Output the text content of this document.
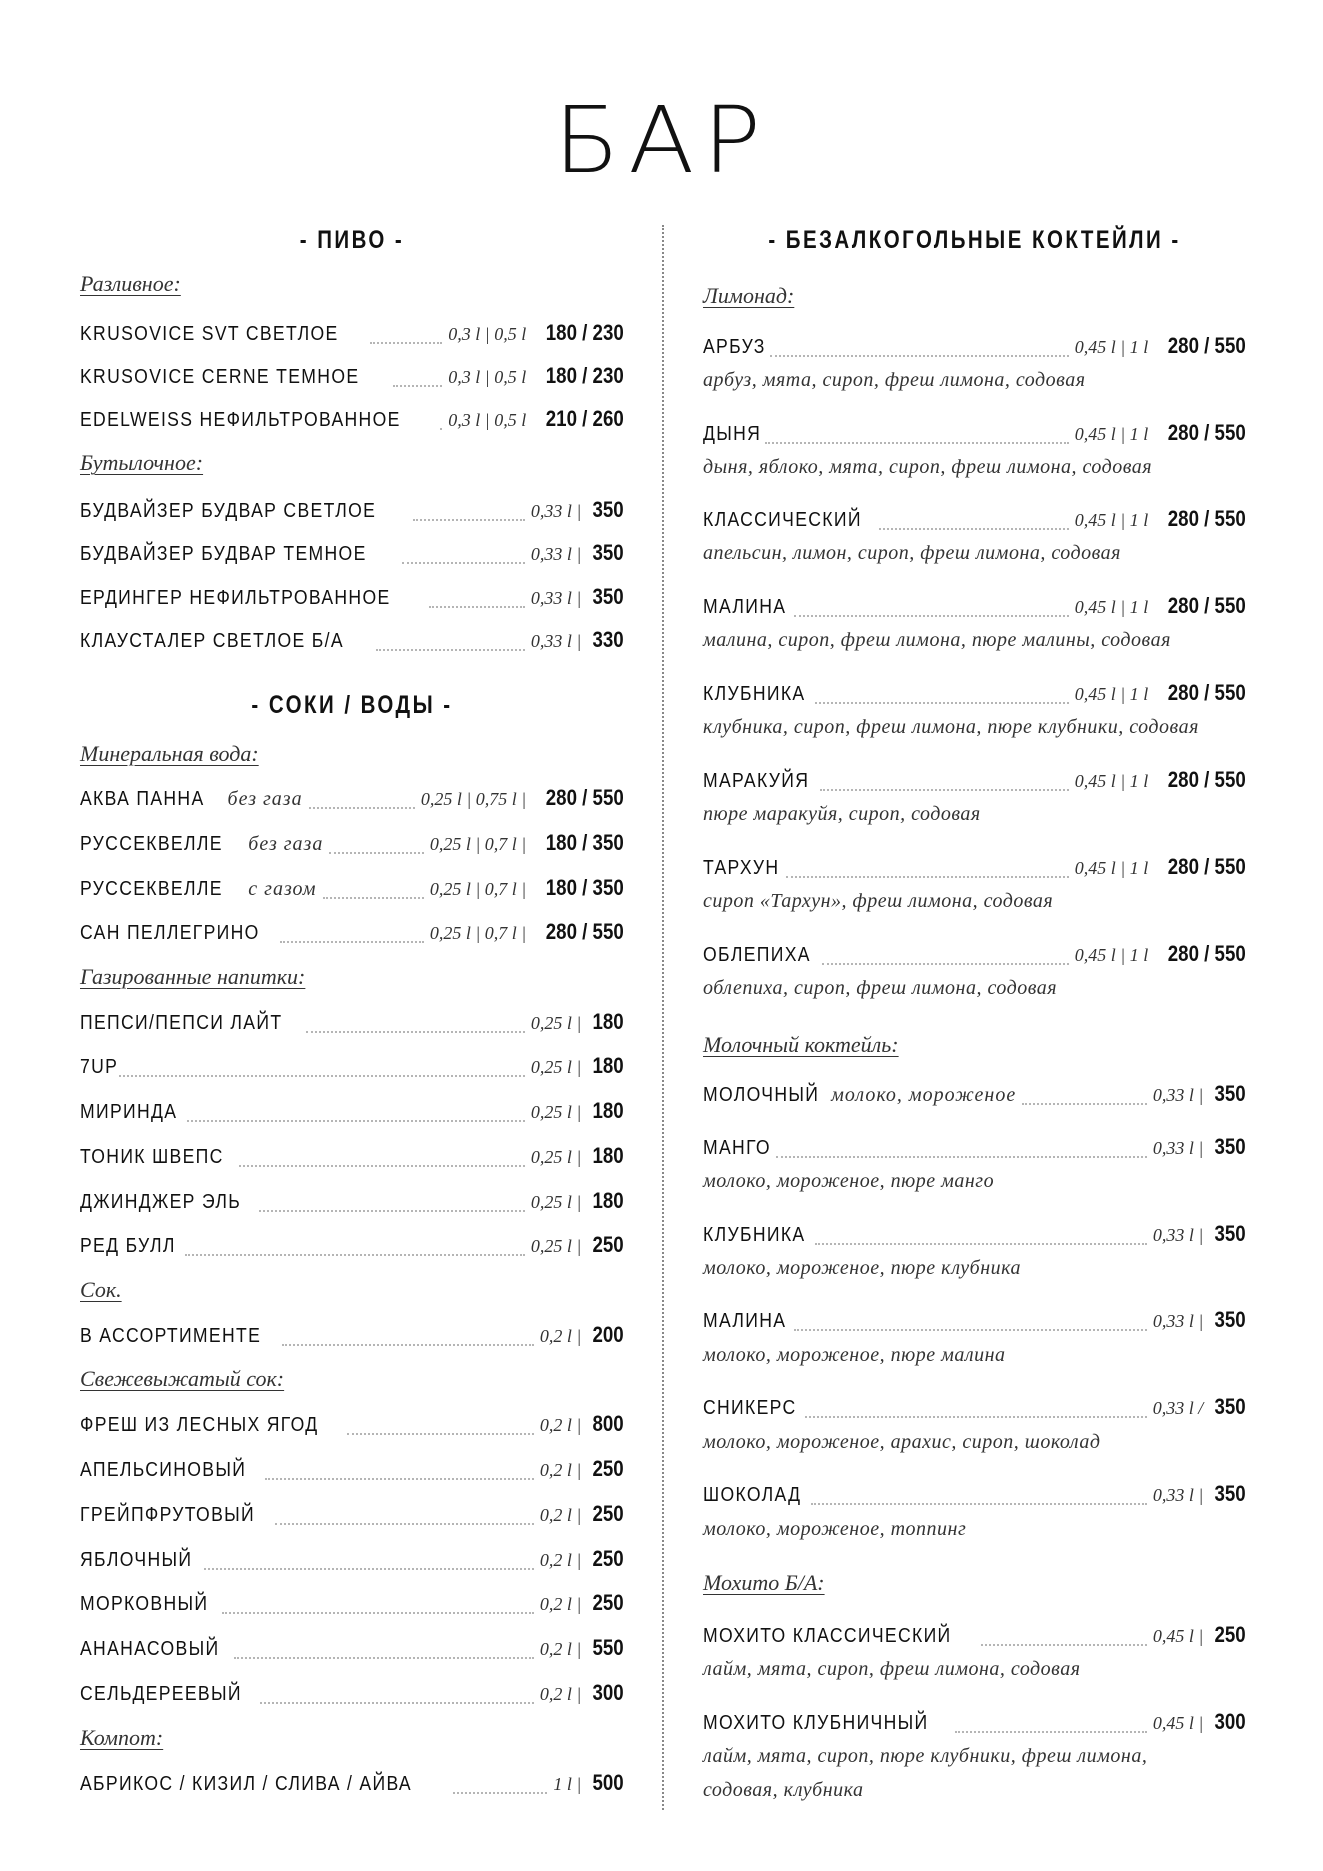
БАР
- ПИВО -
Разливное:
KRUSOVICE SVT СВЕТЛОЕ	0,3 l | 0,5 l 180 / 230
KRUSOVICE CERNE ТЕМНОЕ	0,3 l | 0,5 l 180 / 230
EDELWEISS НЕФИЛЬТРОВАННОЕ	0,3 l | 0,5 l 210 / 260
Бутылочное:
БУДВАЙЗЕР БУДВАР СВЕТЛОЕ	0,33 l | 350
БУДВАЙЗЕР БУДВАР ТЕМНОЕ	0,33 l | 350
ЕРДИНГЕР НЕФИЛЬТРОВАННОЕ	0,33 l | 350
КЛАУСТАЛЕР СВЕТЛОЕ Б/А	0,33 l | 330
- СОКИ / ВОДЫ -
Минеральная вода:
АКВА ПАННА без газа	0,25 l | 0,75 l | 280 / 550
РУССЕКВЕЛЛЕ без газа	0,25 l | 0,7 l | 180 / 350
РУССЕКВЕЛЛЕ с газом	0,25 l | 0,7 l | 180 / 350
САН ПЕЛЛЕГРИНО	0,25 l | 0,7 l | 280 / 550
Газированные напитки:
ПЕПСИ/ПЕПСИ ЛАЙТ	0,25 l | 180
7UP	0,25 l | 180
МИРИНДА	0,25 l | 180
ТОНИК ШВЕПС	0,25 l | 180
ДЖИНДЖЕР ЭЛЬ	0,25 l | 180
РЕД БУЛЛ	0,25 l | 250
Сок.
В АССОРТИМЕНТЕ	0,2 l | 200
Свежевыжатый сок:
ФРЕШ ИЗ ЛЕСНЫХ ЯГОД	0,2 l | 800
АПЕЛЬСИНОВЫЙ	0,2 l | 250
ГРЕЙПФРУТОВЫЙ	0,2 l | 250
ЯБЛОЧНЫЙ	0,2 l | 250
МОРКОВНЫЙ	0,2 l | 250
АНАНАСОВЫЙ	0,2 l | 550
СЕЛЬДЕРЕЕВЫЙ	0,2 l | 300
Компот:
АБРИКОС / КИЗИЛ / СЛИВА / АЙВА	1 l | 500
- БЕЗАЛКОГОЛЬНЫЕ КОКТЕЙЛИ -
Лимонад:
АРБУЗ	0,45 l | 1 l 280 / 550
арбуз, мята, сироп, фреш лимона, содовая
ДЫНЯ	0,45 l | 1 l 280 / 550
дыня, яблоко, мята, сироп, фреш лимона, содовая
КЛАССИЧЕСКИЙ	0,45 l | 1 l 280 / 550
апельсин, лимон, сироп, фреш лимона, содовая
МАЛИНА	0,45 l | 1 l 280 / 550
малина, сироп, фреш лимона, пюре малины, содовая
КЛУБНИКА	0,45 l | 1 l 280 / 550
клубника, сироп, фреш лимона, пюре клубники, содовая
МАРАКУЙЯ	0,45 l | 1 l 280 / 550
пюре маракуйя, сироп, содовая
ТАРХУН	0,45 l | 1 l 280 / 550
сироп «Тархун», фреш лимона, содовая
ОБЛЕПИХА	0,45 l | 1 l 280 / 550
облепиха, сироп, фреш лимона, содовая
Молочный коктейль:
МОЛОЧНЫЙ молоко, мороженое	0,33 l | 350
МАНГО	0,33 l | 350
молоко, мороженое, пюре манго
КЛУБНИКА	0,33 l | 350
молоко, мороженое, пюре клубника
МАЛИНА	0,33 l | 350
молоко, мороженое, пюре малина
СНИКЕРС	0,33 l / 350
молоко, мороженое, арахис, сироп, шоколад
ШОКОЛАД	0,33 l | 350
молоко, мороженое, топпинг
Мохито Б/А:
МОХИТО КЛАССИЧЕСКИЙ	0,45 l | 250
лайм, мята, сироп, фреш лимона, содовая
МОХИТО КЛУБНИЧНЫЙ	0,45 l | 300
лайм, мята, сироп, пюре клубники, фреш лимона,
содовая, клубника
